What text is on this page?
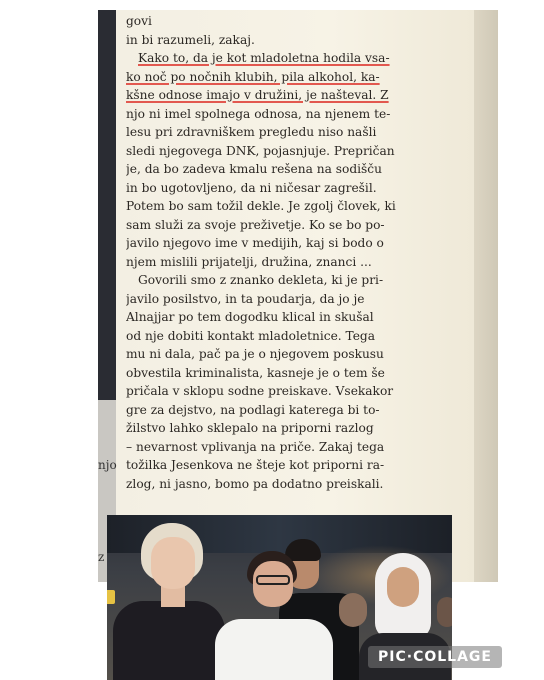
njo
z
govi
in bi razumeli, zakaj.
Kako to, da je kot mladoletna hodila vsa-
ko noč po nočnih klubih, pila alkohol, ka-
kšne odnose imajo v družini, je našteval. Z
njo ni imel spolnega odnosa, na njenem te-
lesu pri zdravniškem pregledu niso našli
sledi njegovega DNK, pojasnjuje. Prepričan
je, da bo zadeva kmalu rešena na sodišču
in bo ugotovljeno, da ni ničesar zagrešil.
Potem bo sam tožil dekle. Je zgolj človek, ki
sam služi za svoje preživetje. Ko se bo po-
javilo njegovo ime v medijih, kaj si bodo o
njem mislili prijatelji, družina, znanci ...
Govorili smo z znanko dekleta, ki je pri-
javilo posilstvo, in ta poudarja, da jo je
Alnajjar po tem dogodku klical in skušal
od nje dobiti kontakt mladoletnice. Tega
mu ni dala, pač pa je o njegovem poskusu
obvestila kriminalista, kasneje je o tem še
pričala v sklopu sodne preiskave. Vsekakor
gre za dejstvo, na podlagi katerega bi to-
žilstvo lahko sklepalo na priporni razlog
– nevarnost vplivanja na priče. Zakaj tega
tožilka Jesenkova ne šteje kot priporni ra-
zlog, ni jasno, bomo pa dodatno preiskali.
PIC·COLLAGE
